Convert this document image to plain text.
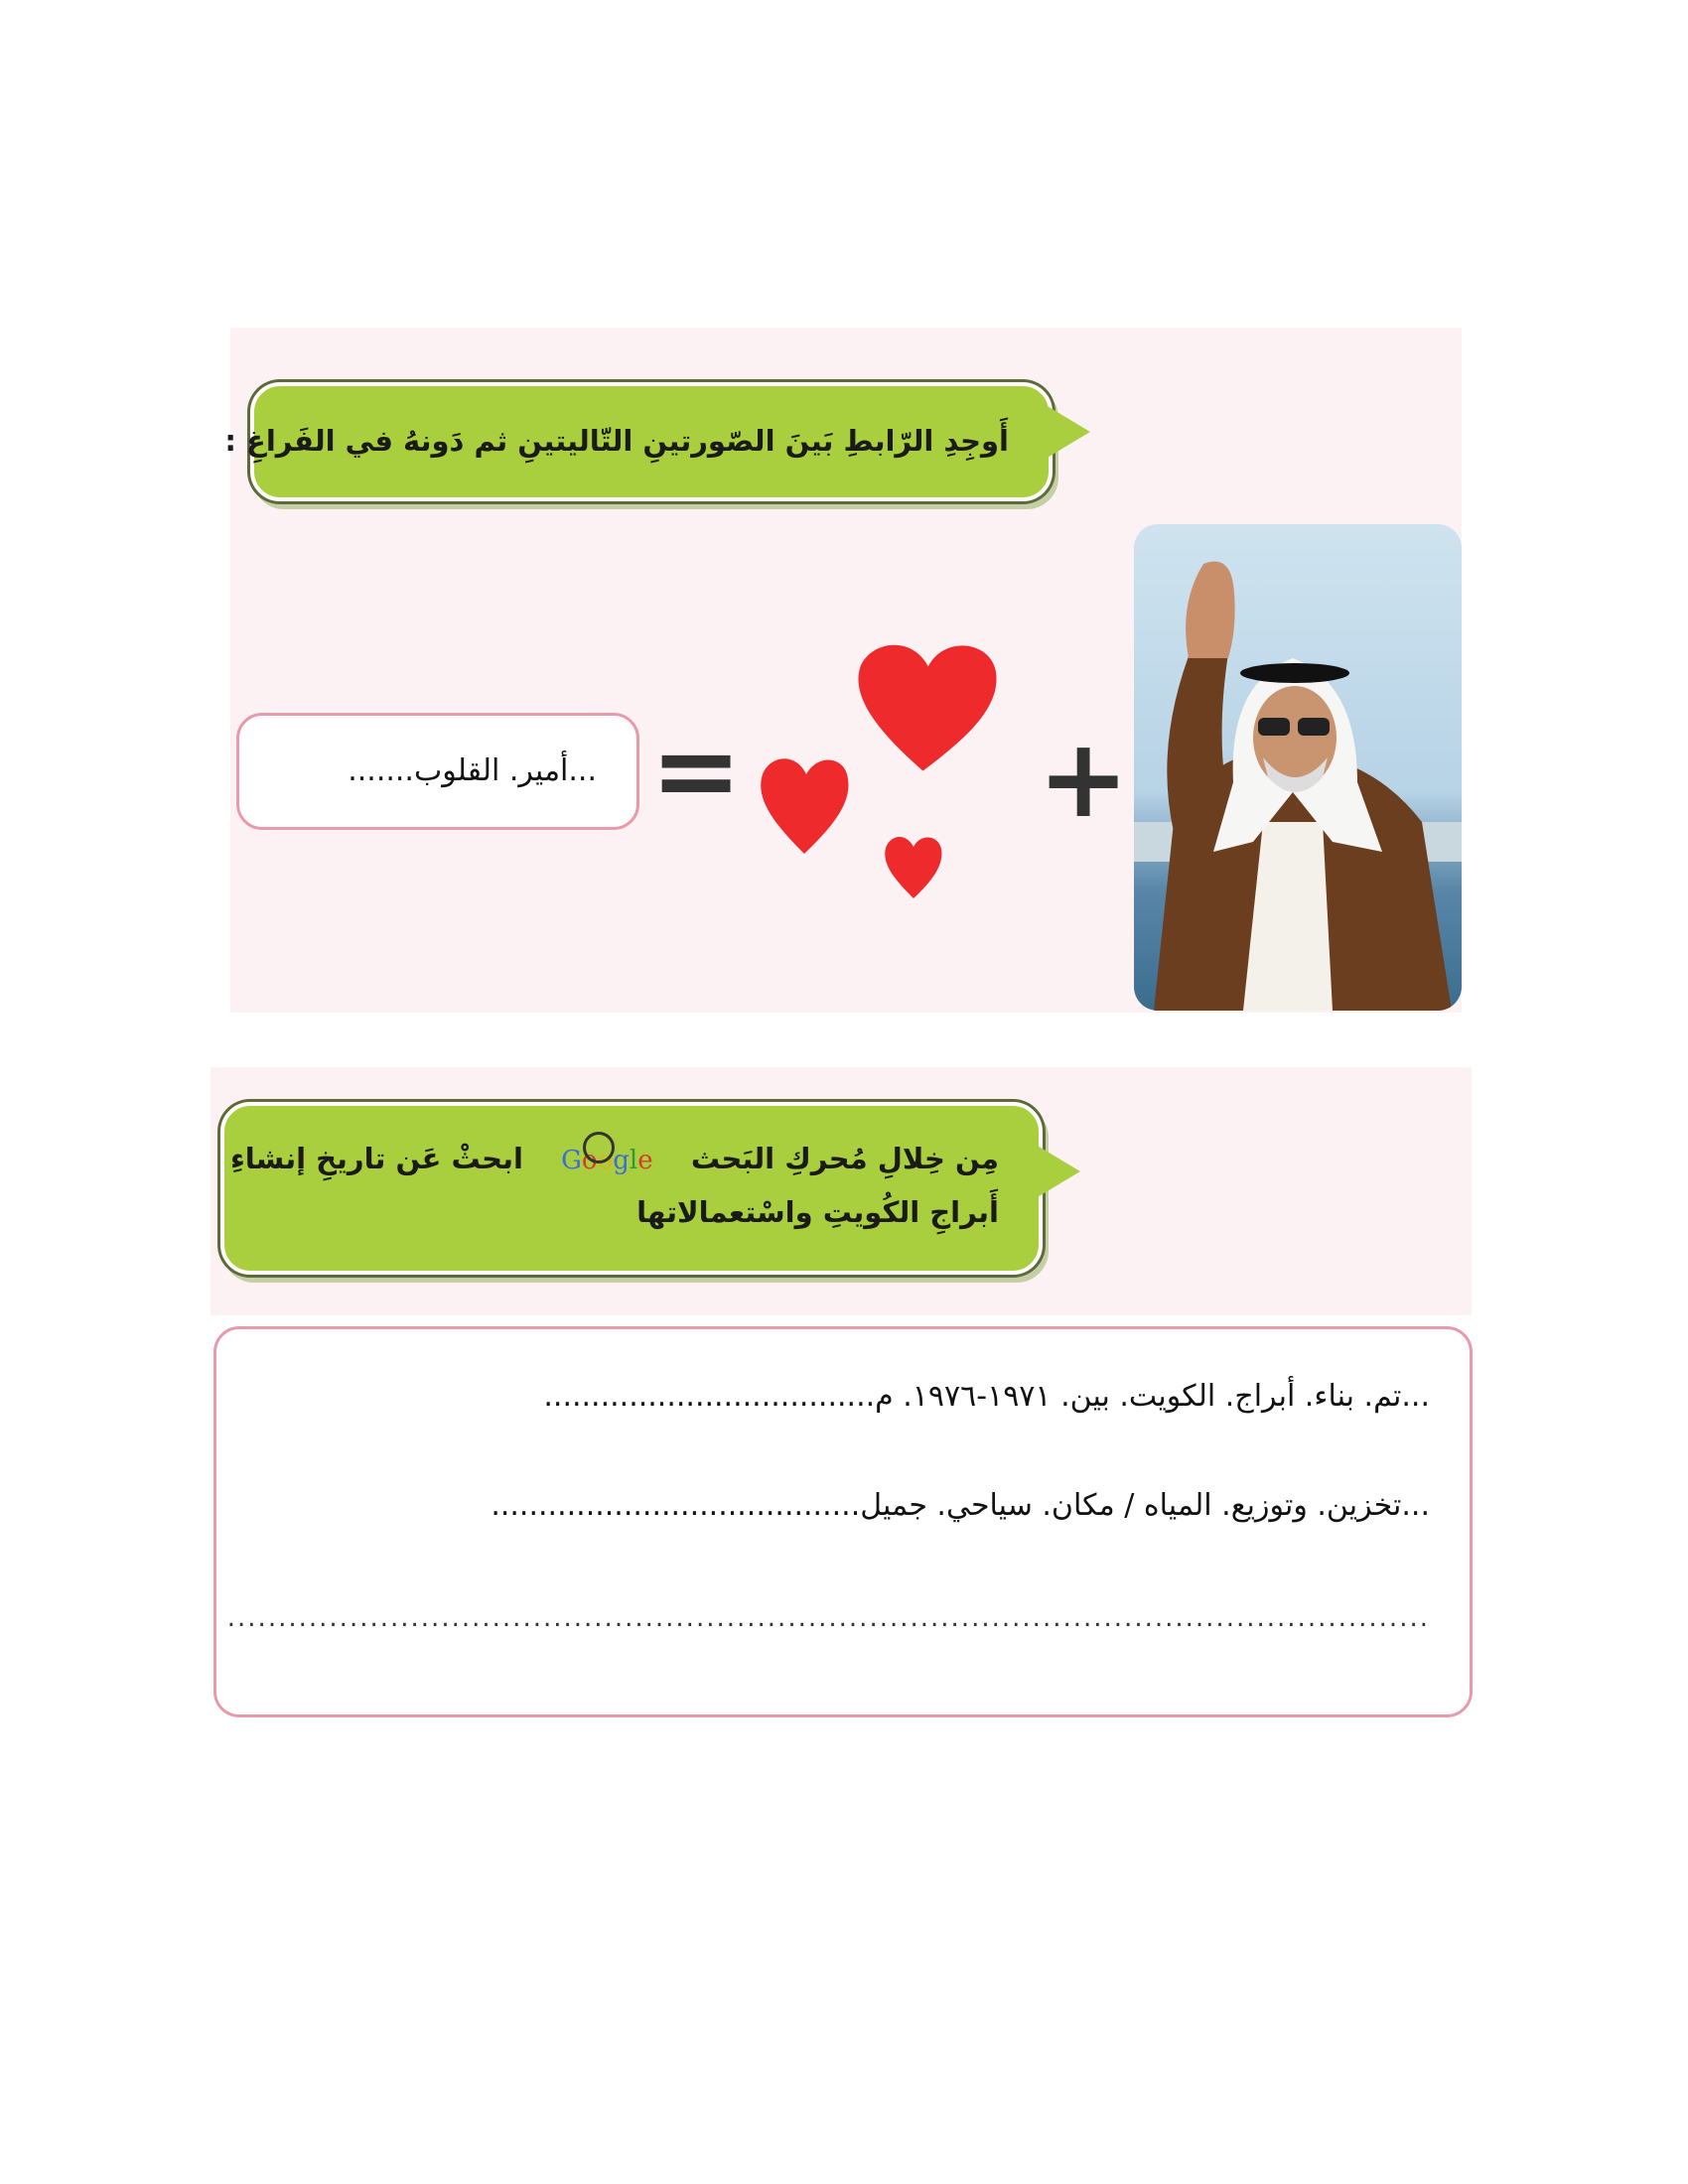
أَوجِدِ الرّابطِ بَينَ الصّورتينِ التّاليتينِ ثم دَونهُ في الفَراغِ :
+
=
...أمير. القلوب.......
مِن خِلالِ مُحركِ البَحث  Google
ابحثْ عَن تاريخِ إنشاءِ
أَبراجِ الكُويتِ واسْتعمالاتها
...تم. بناء. أبراج. الكويت. بين. ١٩٧١-١٩٧٦. م...................................
...تخزين. وتوزيع. المياه / مكان. سياحي. جميل.......................................
......................................................................................................................
